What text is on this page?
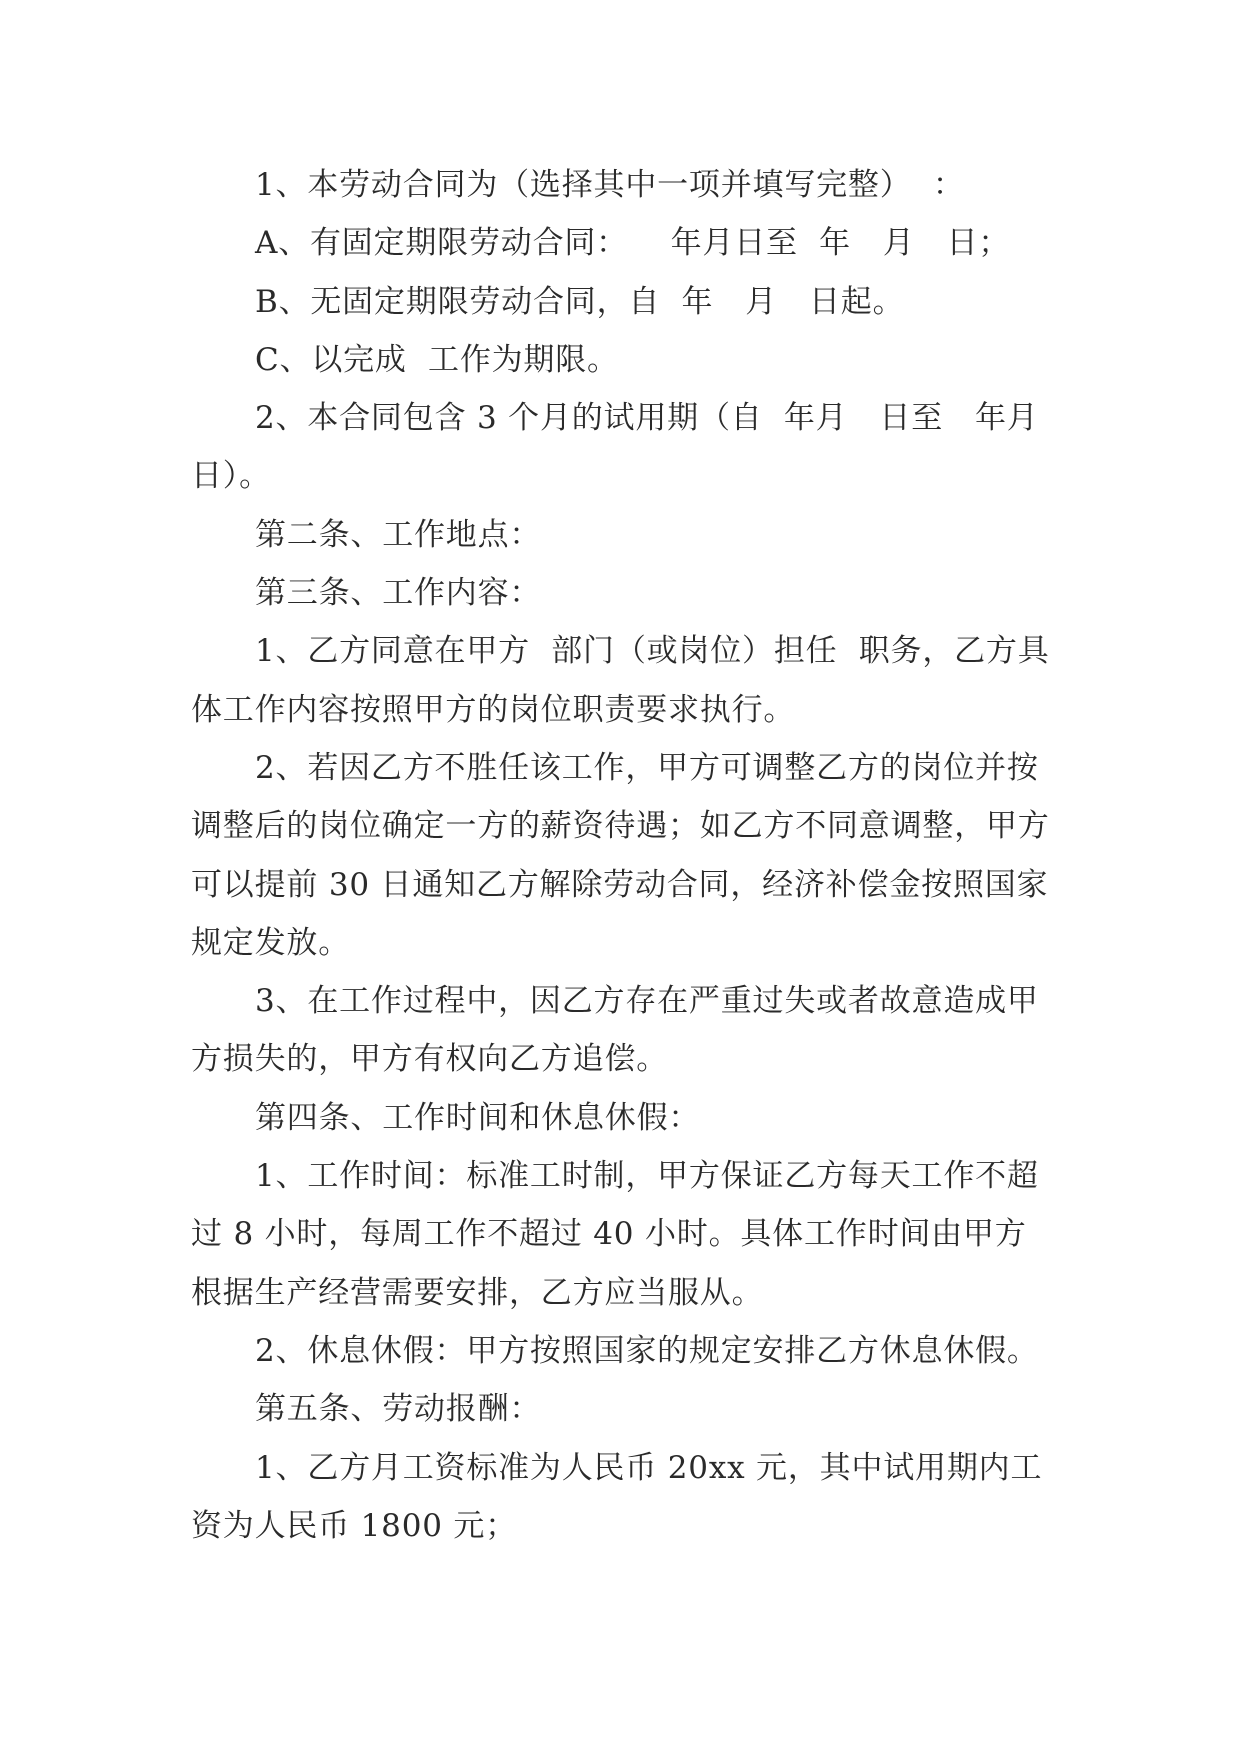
1、本劳动合同为（选择其中一项并填写完整）  ：

A、有固定期限劳动合同：    年月日至  年   月   日；

B、无固定期限劳动合同，自  年   月   日起。

C、以完成  工作为期限。

2、本合同包含 3 个月的试用期（自  年月   日至   年月日）。

第二条、工作地点：

第三条、工作内容：

1、乙方同意在甲方  部门（或岗位）担任  职务，乙方具体工作内容按照甲方的岗位职责要求执行。

2、若因乙方不胜任该工作，甲方可调整乙方的岗位并按调整后的岗位确定一方的薪资待遇；如乙方不同意调整，甲方可以提前 30 日通知乙方解除劳动合同，经济补偿金按照国家规定发放。

3、在工作过程中，因乙方存在严重过失或者故意造成甲方损失的，甲方有权向乙方追偿。

第四条、工作时间和休息休假：

1、工作时间：标准工时制，甲方保证乙方每天工作不超过 8 小时，每周工作不超过 40 小时。具体工作时间由甲方根据生产经营需要安排，乙方应当服从。

2、休息休假：甲方按照国家的规定安排乙方休息休假。

第五条、劳动报酬：

1、乙方月工资标准为人民币 20xx 元，其中试用期内工资为人民币 1800 元；
